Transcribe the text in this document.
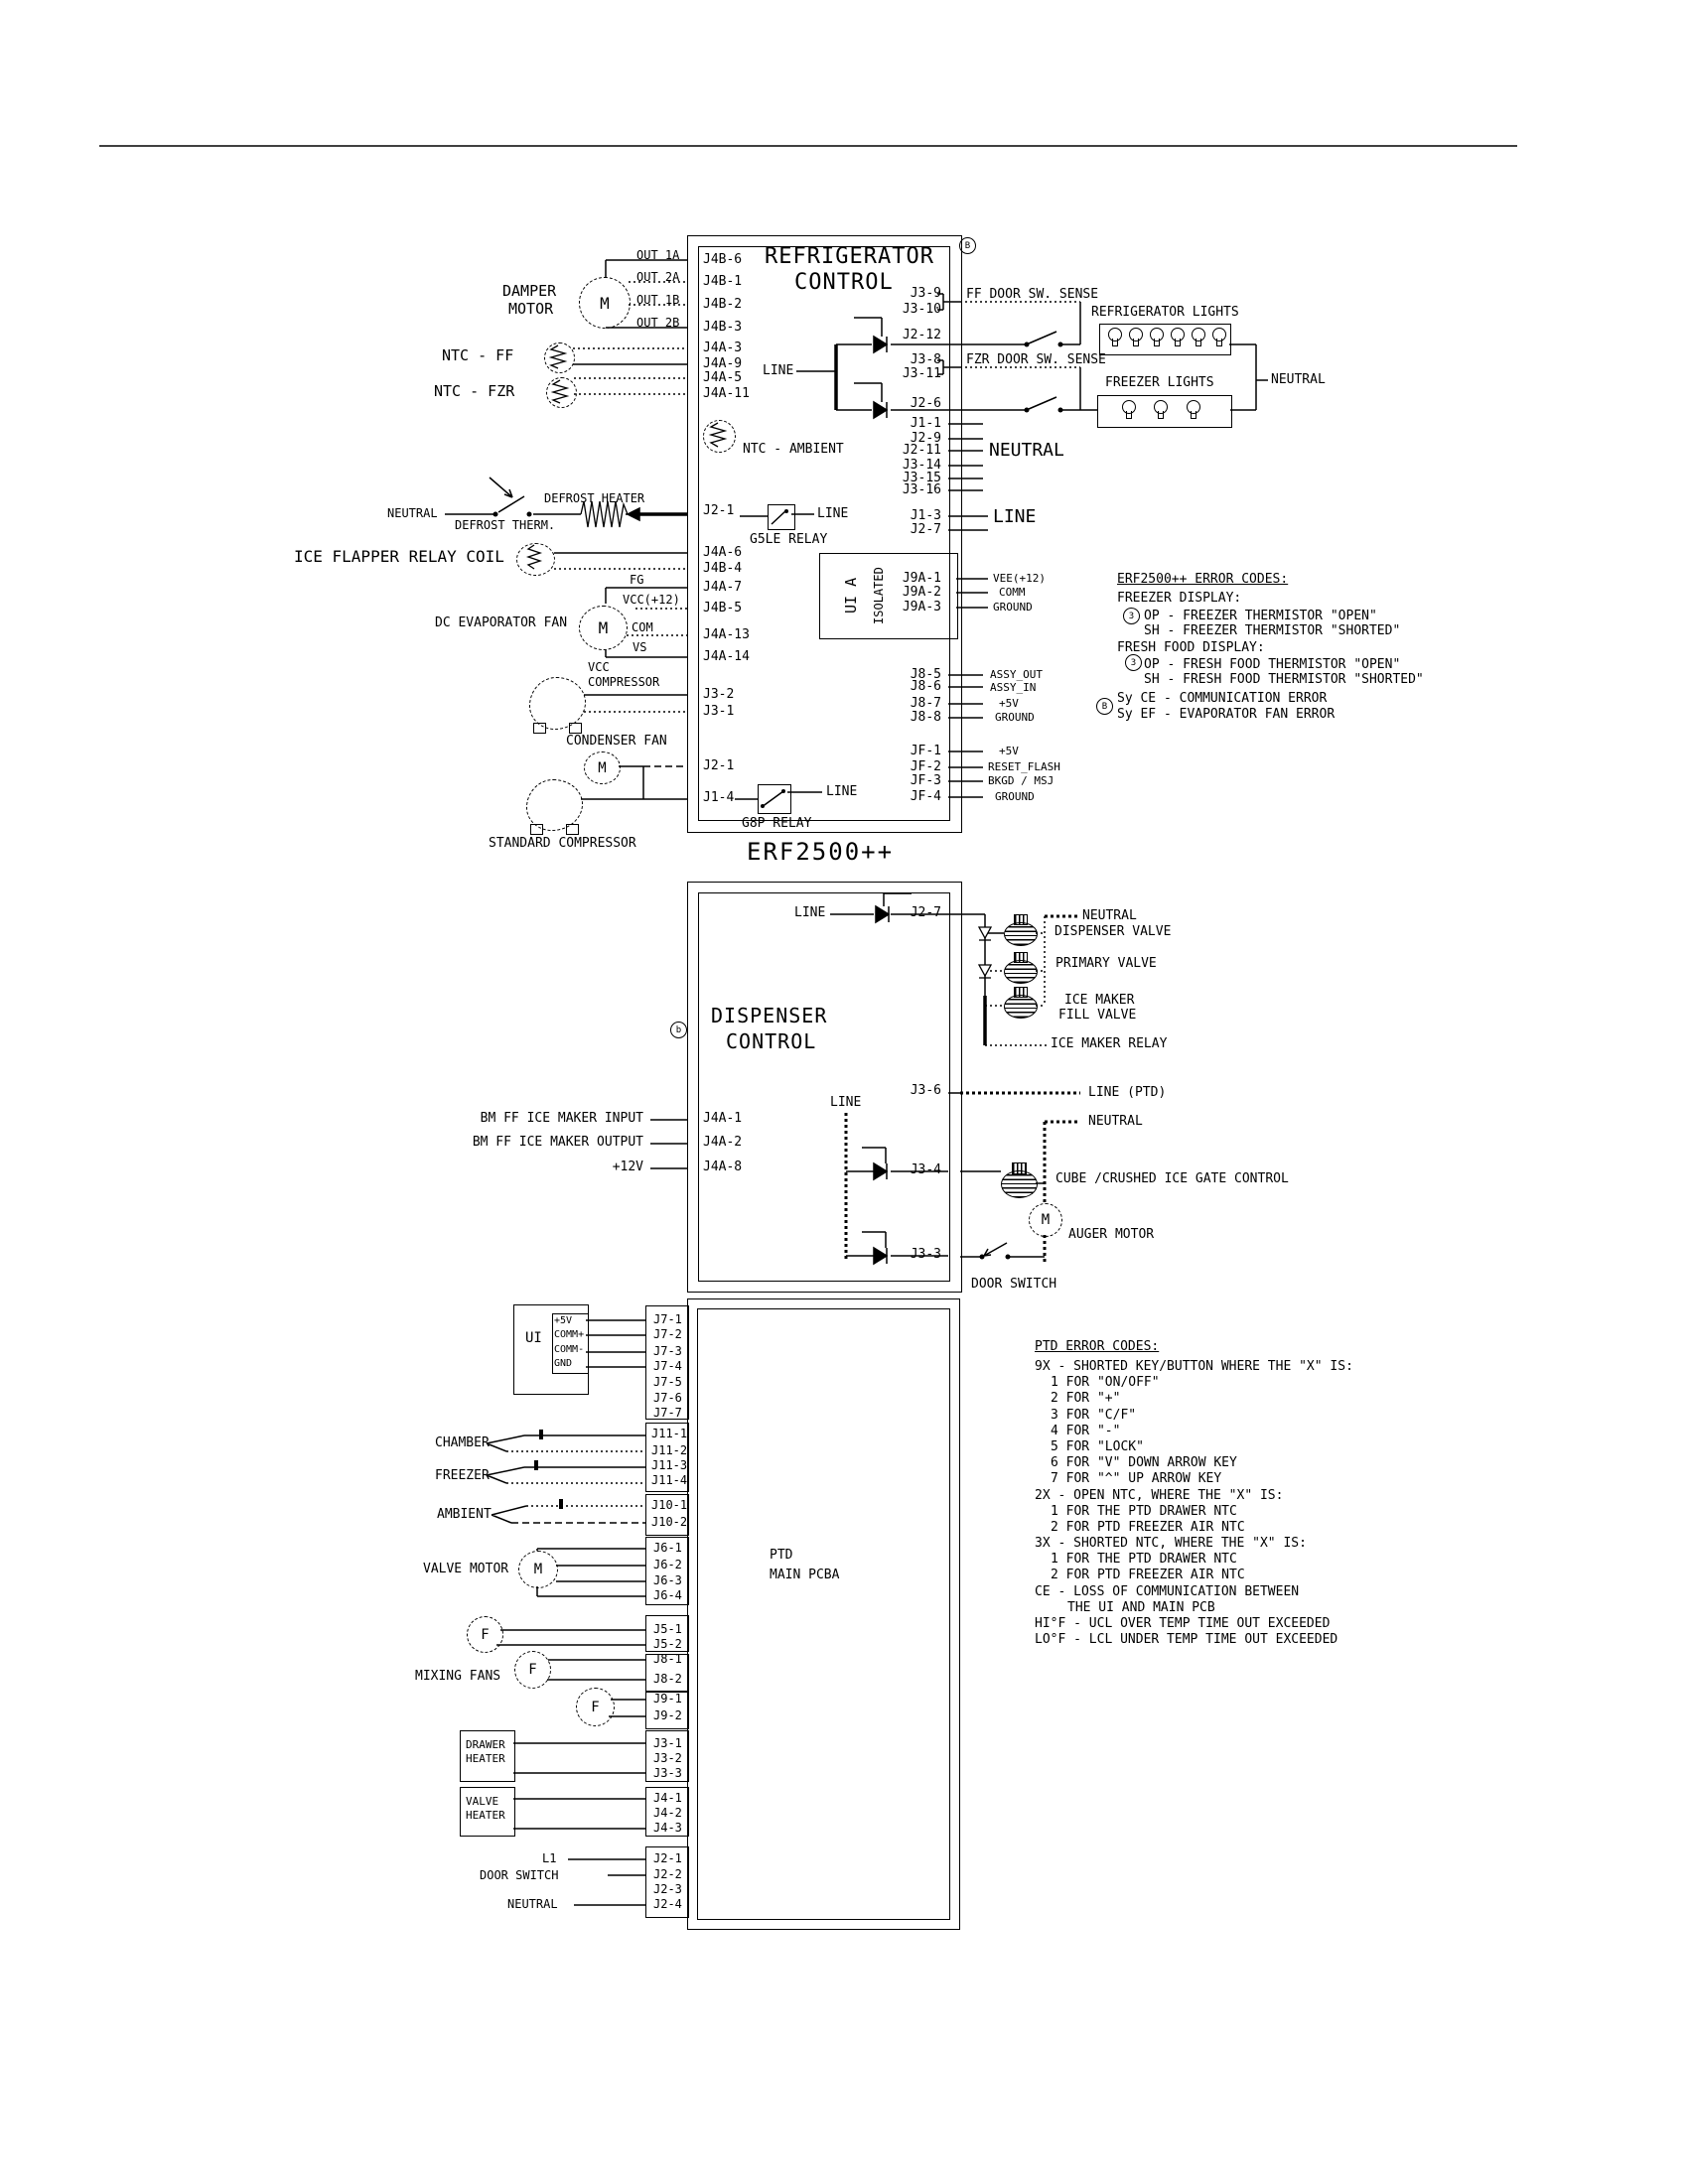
B
REFRIGERATOR
CONTROL
J4B-6
J4B-1
J4B-2
J4B-3
J4A-3
J4A-9
J4A-5
J4A-11
J2-1
J4A-6
J4B-4
J4A-7
J4B-5
J4A-13
J4A-14
J3-2
J3-1
J2-1
J1-4
J3-9
J3-10
J2-12
J3-8
J3-11
J2-6
J1-1
J2-9
J2-11
J3-14
J3-15
J3-16
J1-3
J2-7
J9A-1
J9A-2
J9A-3
J8-5
J8-6
J8-7
J8-8
JF-1
JF-2
JF-3
JF-4
NTC - AMBIENT
LINE
LINE
G5LE RELAY
LINE
G8P RELAY
UI A ISOLATED
FF DOOR SW. SENSE
FZR DOOR SW. SENSE
REFRIGERATOR LIGHTS
FREEZER LIGHTS	NEUTRAL
NEUTRAL
LINE
VEE(+12)
COMM
GROUND
ASSY_OUT
ASSY_IN
+5V
GROUND
+5V
RESET_FLASH
BKGD / MSJ
GROUND
OUT 1A
OUT 2A
OUT 1B
OUT 2B
M
DAMPER
MOTOR
NTC - FF
NTC - FZR
NEUTRAL
DEFROST THERM.
DEFROST HEATER
ICE FLAPPER RELAY COIL
M
DC EVAPORATOR FAN
FG
VCC(+12)
COM
VS
VCC
COMPRESSOR
M
CONDENSER FAN
STANDARD COMPRESSOR	ERF2500++
ERF2500++ ERROR CODES:
FREEZER DISPLAY:
3 OP - FREEZER THERMISTOR "OPEN"
SH - FREEZER THERMISTOR "SHORTED"
FRESH FOOD DISPLAY:
3 OP - FRESH FOOD THERMISTOR "OPEN"
SH - FRESH FOOD THERMISTOR "SHORTED"
B
Sy CE - COMMUNICATION ERROR
Sy EF - EVAPORATOR FAN ERROR
b
DISPENSER
CONTROL
LINE	J2-7
J3-6
LINE
J3-4
J3-3
J4A-1
J4A-2
J4A-8
BM FF ICE MAKER INPUT
BM FF ICE MAKER OUTPUT
+12V
NEUTRAL
DISPENSER VALVE
PRIMARY VALVE
ICE MAKER
FILL VALVE
ICE MAKER RELAY
LINE (PTD)
NEUTRAL
CUBE /CRUSHED ICE GATE CONTROL
M
AUGER MOTOR
DOOR SWITCH
PTD
MAIN PCBA
UI
+5V
COMM+
COMM-
GND
J7-1
J7-2
J7-3
J7-4
J7-5
J7-6
J7-7
J11-1
J11-2
J11-3
J11-4
J10-1
J10-2
J6-1
J6-2
J6-3
J6-4
J5-1
J5-2
J8-1
J8-2
J9-1
J9-2
J3-1
J3-2
J3-3
J4-1
J4-2
J4-3
J2-1
J2-2
J2-3
J2-4
CHAMBER
FREEZER
AMBIENT
M
VALVE MOTOR
F
F
F
MIXING FANS
DRAWER
HEATER
VALVE
HEATER
L1
DOOR SWITCH
NEUTRAL
PTD ERROR CODES:
9X - SHORTED KEY/BUTTON WHERE THE "X" IS:
1 FOR "ON/OFF"
2 FOR "+"
3 FOR "C/F"
4 FOR "-"
5 FOR "LOCK"
6 FOR "V" DOWN ARROW KEY
7 FOR "^" UP ARROW KEY
2X - OPEN NTC, WHERE THE "X" IS:
1 FOR THE PTD DRAWER NTC
2 FOR PTD FREEZER AIR NTC
3X - SHORTED NTC, WHERE THE "X" IS:
1 FOR THE PTD DRAWER NTC
2 FOR PTD FREEZER AIR NTC
CE - LOSS OF COMMUNICATION BETWEEN
THE UI AND MAIN PCB
HI°F - UCL OVER TEMP TIME OUT EXCEEDED
LO°F - LCL UNDER TEMP TIME OUT EXCEEDED
